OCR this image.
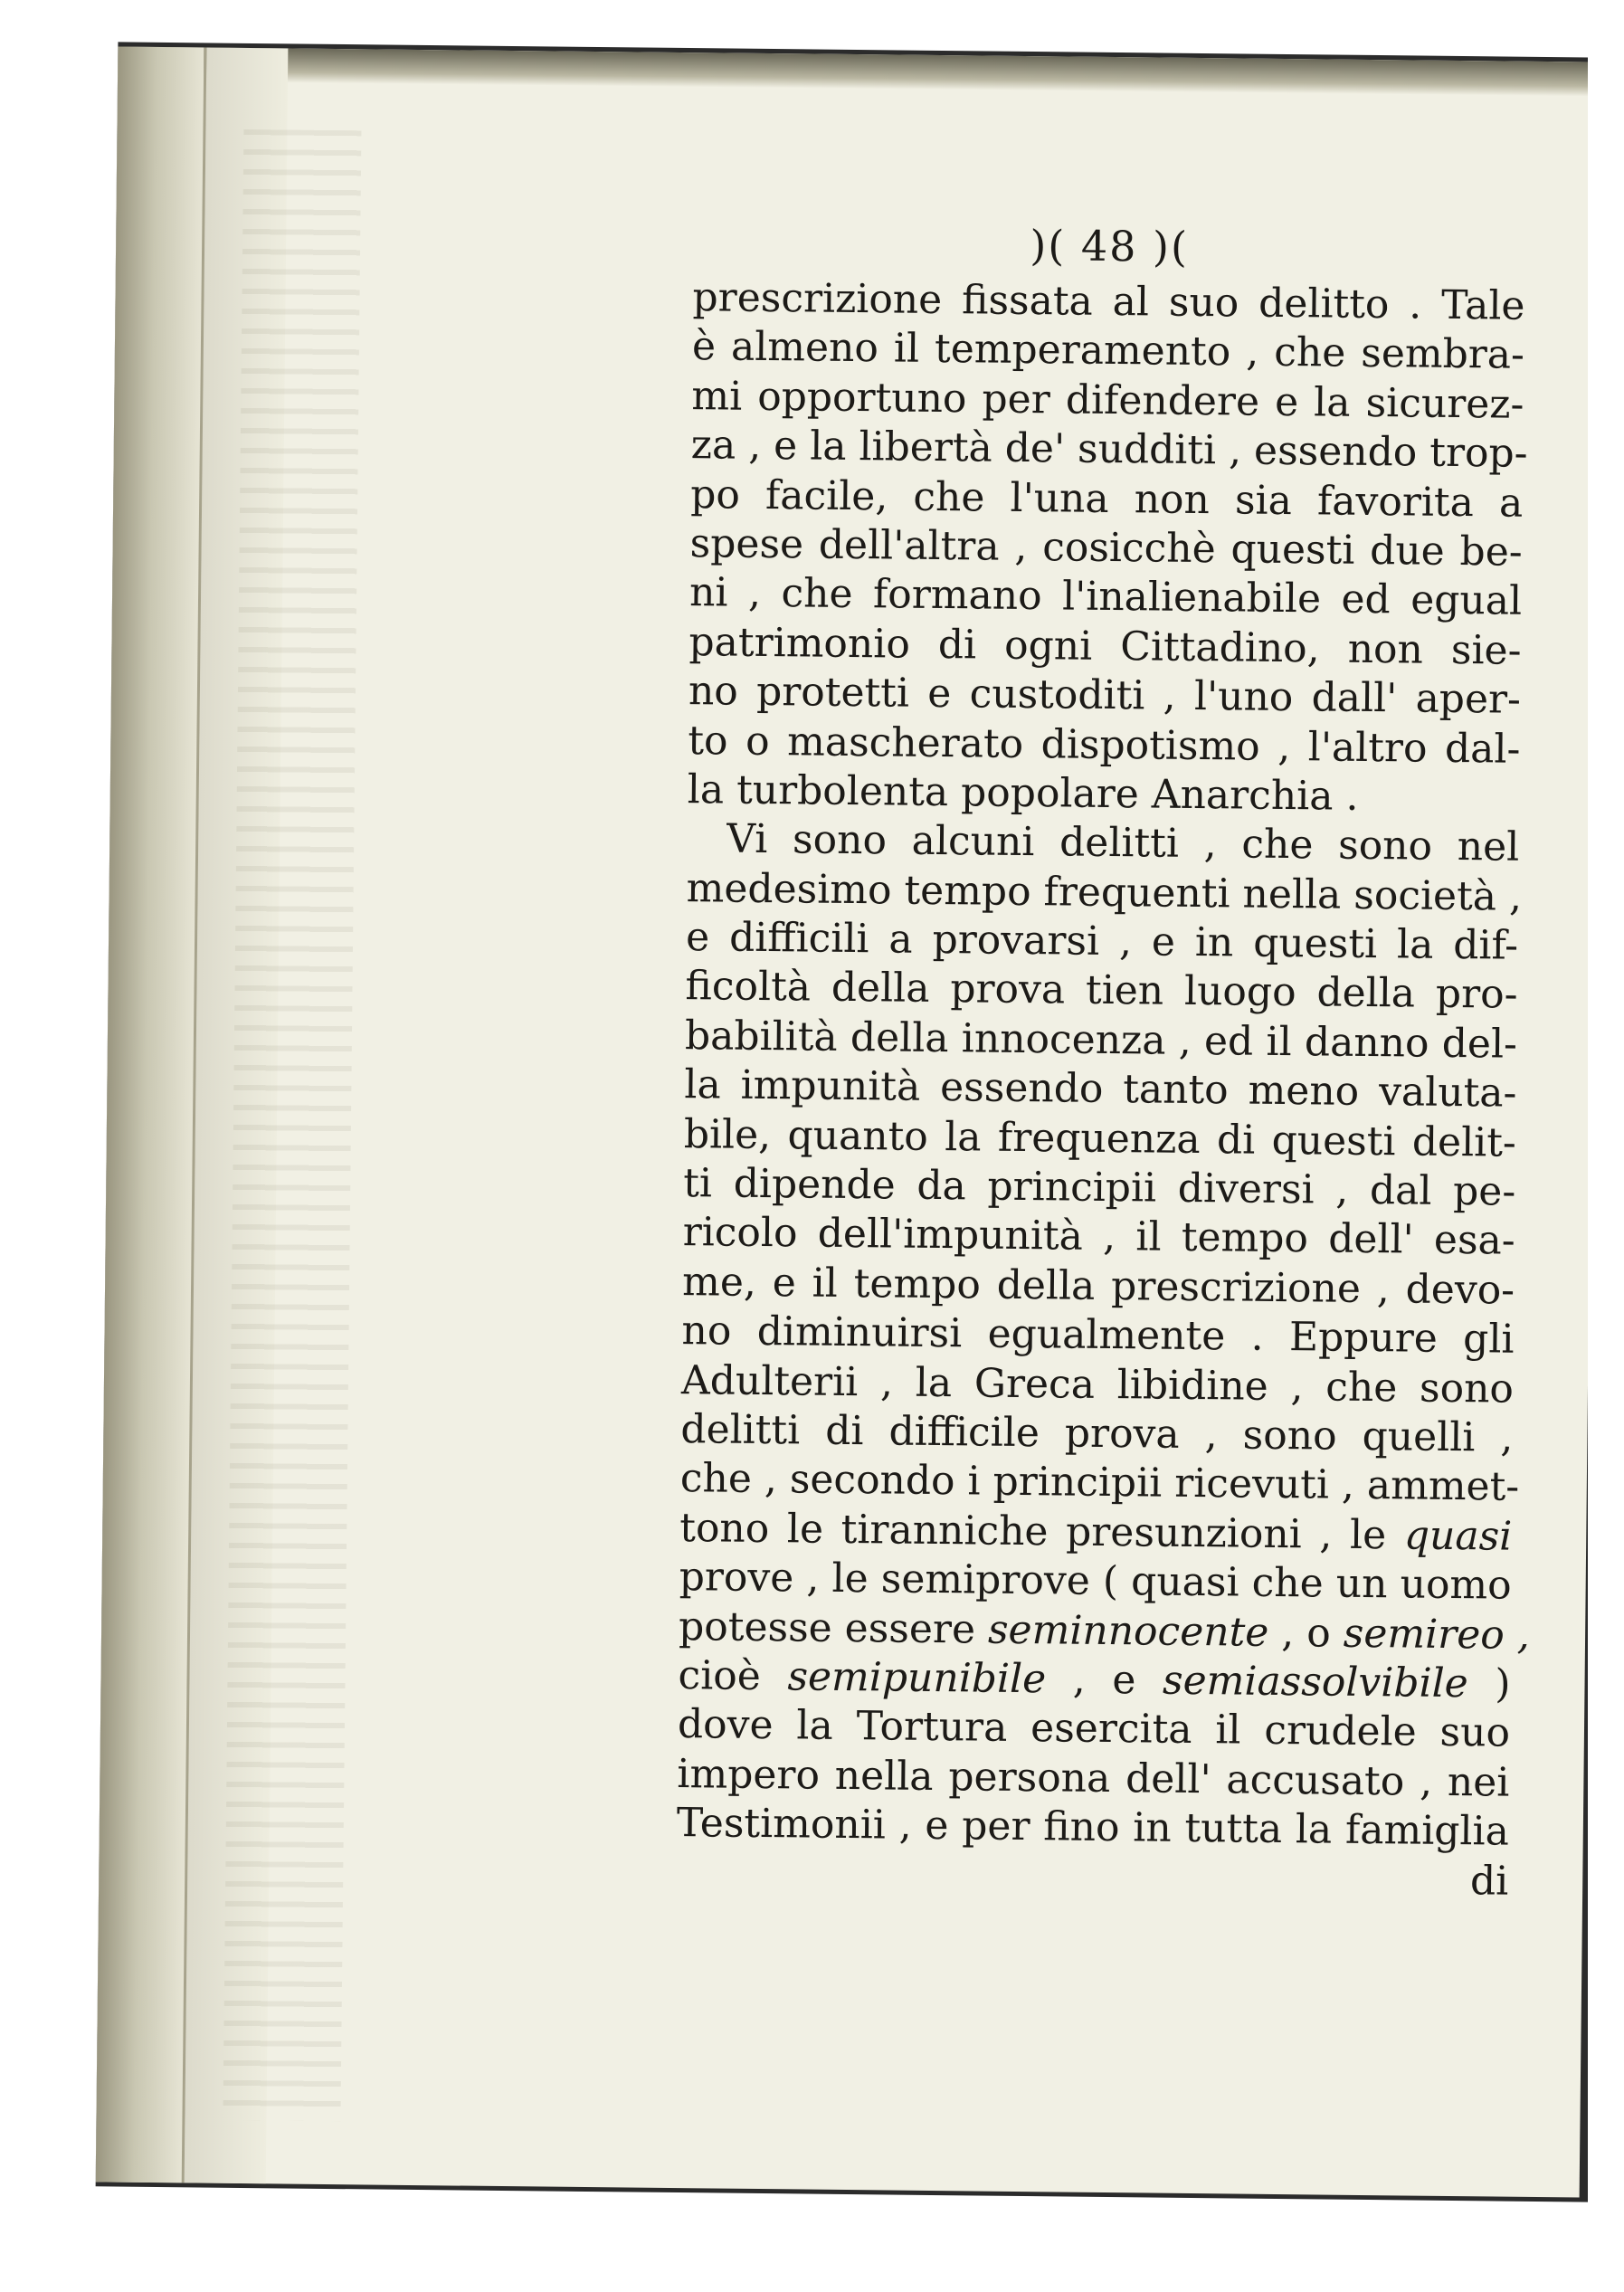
)( 48 )(
prescrizione fissata al suo delitto . Tale
è almeno il temperamento , che sembra-
mi opportuno per difendere e la sicurez-
za , e la libertà de' sudditi , essendo trop-
po facile, che l'una non sia favorita a
spese dell'altra , cosicchè questi due be-
ni , che formano l'inalienabile ed egual
patrimonio di ogni Cittadino, non sie-
no protetti e custoditi , l'uno dall' aper-
to o mascherato dispotismo , l'altro dal-
la turbolenta popolare Anarchia .
Vi sono alcuni delitti , che sono nel
medesimo tempo frequenti nella società ,
e difficili a provarsi , e in questi la dif-
ficoltà della prova tien luogo della pro-
babilità della innocenza , ed il danno del-
la impunità essendo tanto meno valuta-
bile, quanto la frequenza di questi delit-
ti dipende da principii diversi , dal pe-
ricolo dell'impunità , il tempo dell' esa-
me, e il tempo della prescrizione , devo-
no diminuirsi egualmente . Eppure gli
Adulterii , la Greca libidine , che sono
delitti di difficile prova , sono quelli ,
che , secondo i principii ricevuti , ammet-
tono le tiranniche presunzioni , le quasi
prove , le semiprove ( quasi che un uomo
potesse essere seminnocente , o semireo ,
cioè semipunibile , e semiassolvibile )
dove la Tortura esercita il crudele suo
impero nella persona dell' accusato , nei
Testimonii , e per fino in tutta la famiglia
di
